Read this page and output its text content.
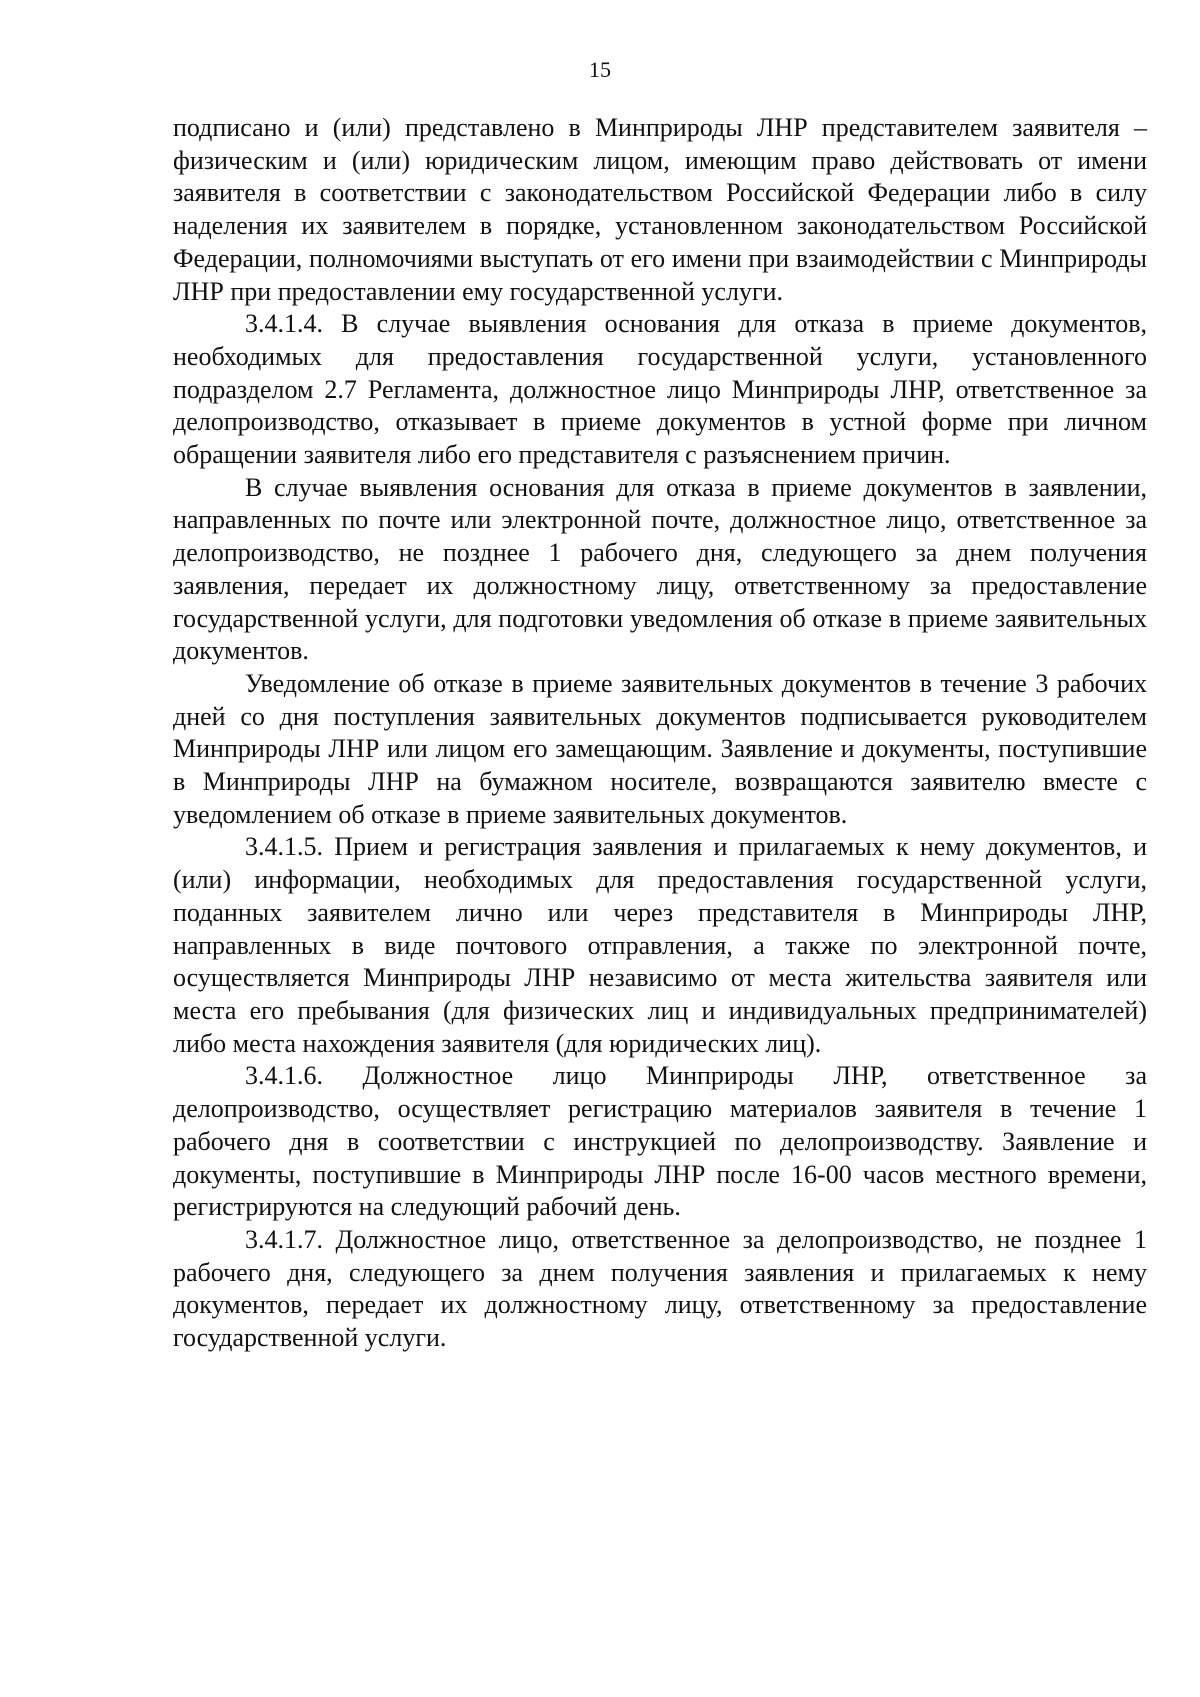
15

подписано и (или) представлено в Минприроды ЛНР представителем заявителя – физическим и (или) юридическим лицом, имеющим право действовать от имени заявителя в соответствии с законодательством Российской Федерации либо в силу наделения их заявителем в порядке, установленном законодательством Российской Федерации, полномочиями выступать от его имени при взаимодействии с Минприроды ЛНР при предоставлении ему государственной услуги.

3.4.1.4. В случае выявления основания для отказа в приеме документов, необходимых для предоставления государственной услуги, установленного подразделом 2.7 Регламента, должностное лицо Минприроды ЛНР, ответственное за делопроизводство, отказывает в приеме документов в устной форме при личном обращении заявителя либо его представителя с разъяснением причин.

В случае выявления основания для отказа в приеме документов в заявлении, направленных по почте или электронной почте, должностное лицо, ответственное за делопроизводство, не позднее 1 рабочего дня, следующего за днем получения заявления, передает их должностному лицу, ответственному за предоставление государственной услуги, для подготовки уведомления об отказе в приеме заявительных документов.

Уведомление об отказе в приеме заявительных документов в течение 3 рабочих дней со дня поступления заявительных документов подписывается руководителем Минприроды ЛНР или лицом его замещающим. Заявление и документы, поступившие в Минприроды ЛНР на бумажном носителе, возвращаются заявителю вместе с уведомлением об отказе в приеме заявительных документов.

3.4.1.5. Прием и регистрация заявления и прилагаемых к нему документов, и (или) информации, необходимых для предоставления государственной услуги, поданных заявителем лично или через представителя в Минприроды ЛНР, направленных в виде почтового отправления, а также по электронной почте, осуществляется Минприроды ЛНР независимо от места жительства заявителя или места его пребывания (для физических лиц и индивидуальных предпринимателей) либо места нахождения заявителя (для юридических лиц).

3.4.1.6. Должностное лицо Минприроды ЛНР, ответственное за делопроизводство, осуществляет регистрацию материалов заявителя в течение 1 рабочего дня в соответствии с инструкцией по делопроизводству. Заявление и документы, поступившие в Минприроды ЛНР после 16-00 часов местного времени, регистрируются на следующий рабочий день.

3.4.1.7. Должностное лицо, ответственное за делопроизводство, не позднее 1 рабочего дня, следующего за днем получения заявления и прилагаемых к нему документов, передает их должностному лицу, ответственному за предоставление государственной услуги.
